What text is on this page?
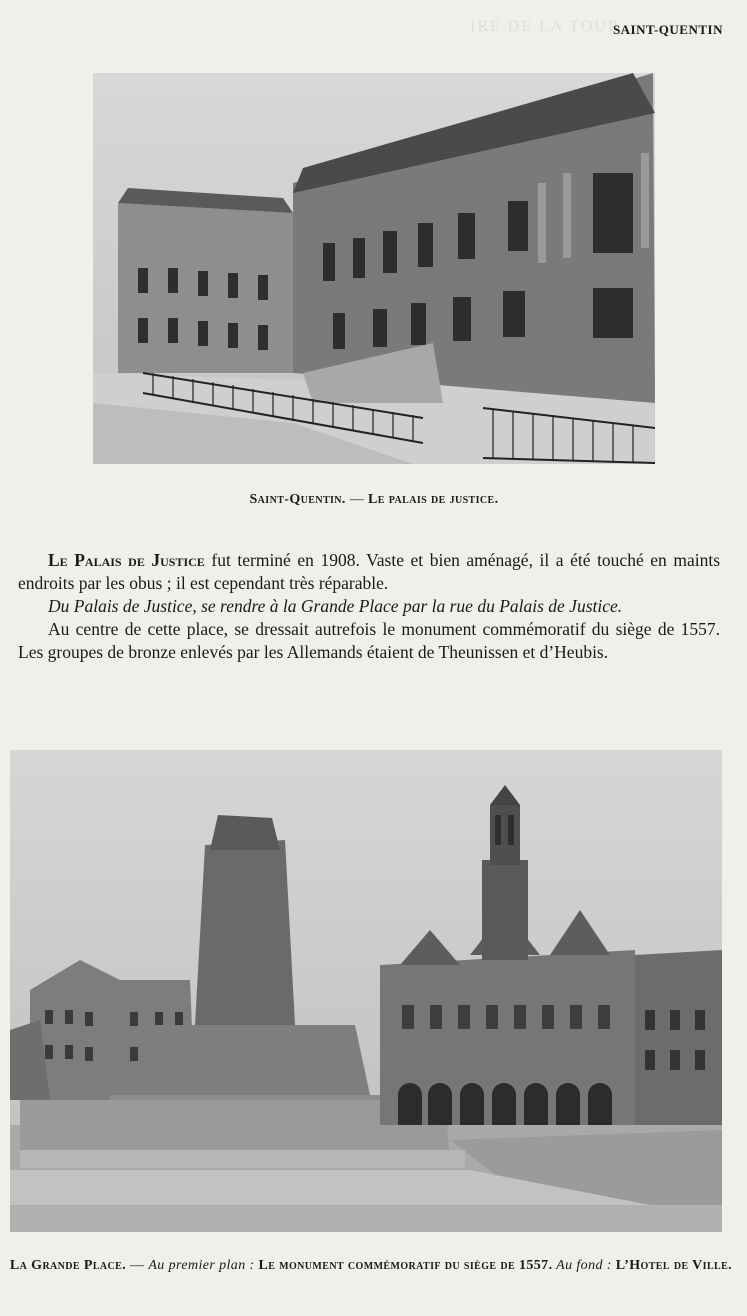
IRE DE LA TOUR
SAINT-QUENTIN
Saint-Quentin. — Le palais de justice.

Le Palais de Justice fut terminé en 1908. Vaste et bien aménagé, il a été touché en maints endroits par les obus ; il est cependant très réparable.

Du Palais de Justice, se rendre à la Grande Place par la rue du Palais de Justice.

Au centre de cette place, se dressait autrefois le monument commémoratif du siège de 1557. Les groupes de bronze enlevés par les Allemands étaient de Theunissen et d’Heubis.

La Grande Place. — Au premier plan : Le monument commémoratif du siège de 1557. Au fond : L’Hotel de Ville.
